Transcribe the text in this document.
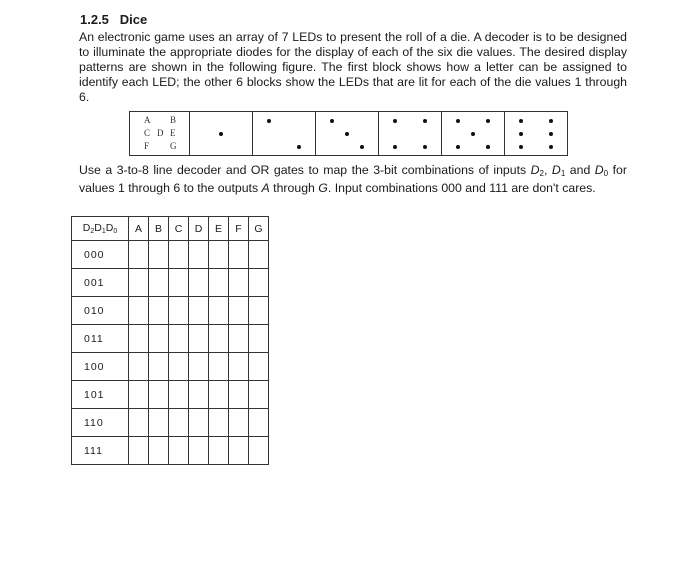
1.2.5 Dice

An electronic game uses an array of 7 LEDs to present the roll of a die. A decoder is to be designed to illuminate the appropriate diodes for the display of each of the six die values. The desired display patterns are shown in the following figure. The first block shows how a letter can be assigned to identify each LED; the other 6 blocks show the LEDs that are lit for each of the die values 1 through 6.

A B
C D E
F G

Use a 3-to-8 line decoder and OR gates to map the 3-bit combinations of inputs $D_2$, $D_1$ and $D_0$ for values 1 through 6 to the outputs A through G. Input combinations 000 and 111 are don't cares.

D2D1D0	A	B	C	D	E	F	G
000							
001							
010							
011							
100							
101							
110							
111							
